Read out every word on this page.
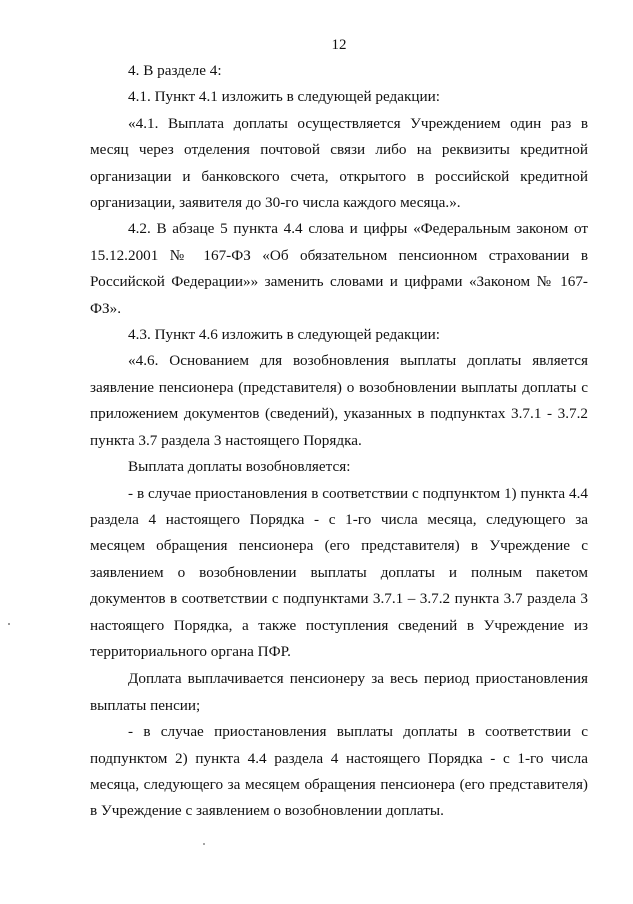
12

4. В разделе 4:

4.1. Пункт 4.1 изложить в следующей редакции:

«4.1. Выплата доплаты осуществляется Учреждением один раз в месяц через отделения почтовой связи либо на реквизиты кредитной организации и банковского счета, открытого в российской кредитной организации, заявителя до 30-го числа каждого месяца.».

4.2. В абзаце 5 пункта 4.4 слова и цифры «Федеральным законом от 15.12.2001 № 167-ФЗ «Об обязательном пенсионном страховании в Российской Федерации»» заменить словами и цифрами «Законом № 167-ФЗ».

4.3. Пункт 4.6 изложить в следующей редакции:

«4.6. Основанием для возобновления выплаты доплаты является заявление пенсионера (представителя) о возобновлении выплаты доплаты с приложением документов (сведений), указанных в подпунктах 3.7.1 - 3.7.2 пункта 3.7 раздела 3 настоящего Порядка.

Выплата доплаты возобновляется:

- в случае приостановления в соответствии с подпунктом 1) пункта 4.4 раздела 4 настоящего Порядка - с 1-го числа месяца, следующего за месяцем обращения пенсионера (его представителя) в Учреждение с заявлением о возобновлении выплаты доплаты и полным пакетом документов в соответствии с подпунктами 3.7.1 – 3.7.2 пункта 3.7 раздела 3 настоящего Порядка, а также поступления сведений в Учреждение из территориального органа ПФР.

Доплата выплачивается пенсионеру за весь период приостановления выплаты пенсии;

- в случае приостановления выплаты доплаты в соответствии с подпунктом 2) пункта 4.4 раздела 4 настоящего Порядка - с 1-го числа месяца, следующего за месяцем обращения пенсионера (его представителя) в Учреждение с заявлением о возобновлении доплаты.
